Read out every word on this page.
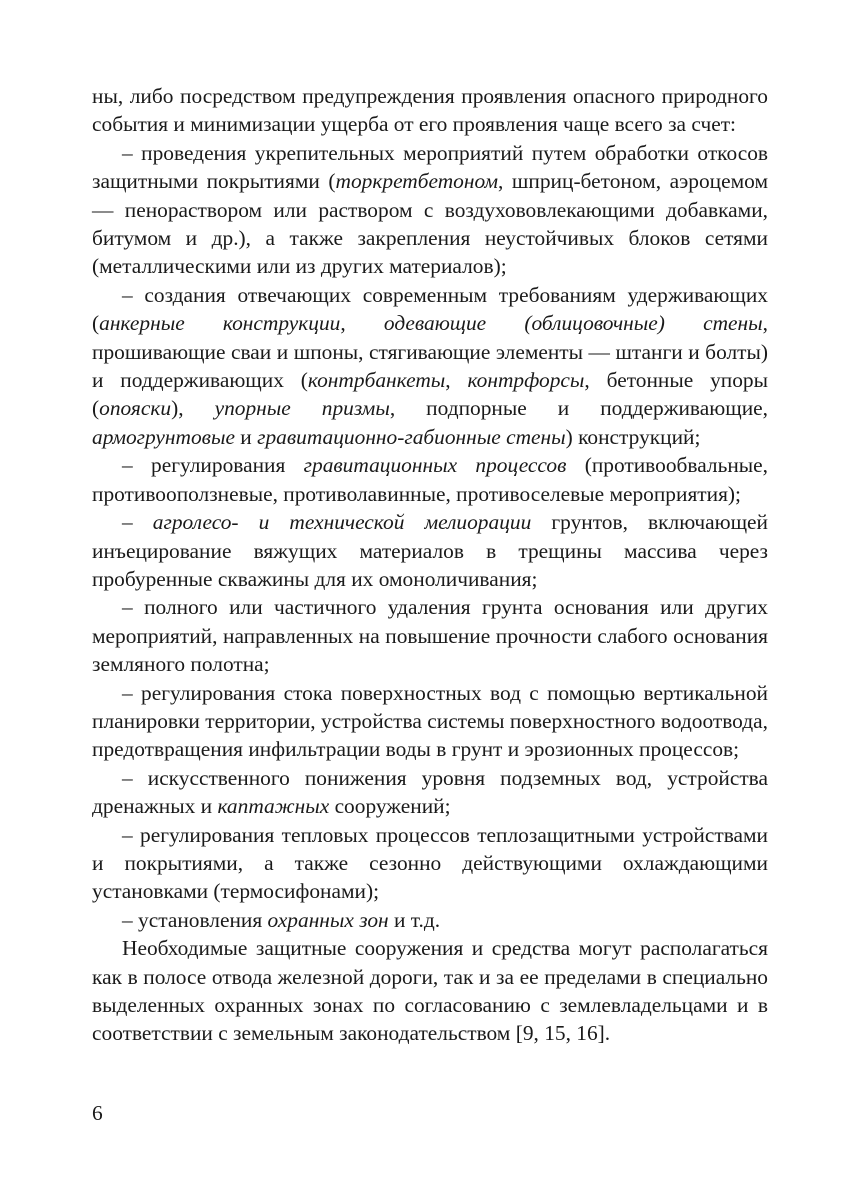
ны, либо посредством предупреждения проявления опасного природного события и минимизации ущерба от его проявления чаще всего за счет:

– проведения укрепительных мероприятий путем обработки откосов защитными покрытиями (торкретбетоном, шприц-бетоном, аэроцемом — пенораствором или раствором с воздухововлекающими добавками, битумом и др.), а также закрепления неустойчивых блоков сетями (металлическими или из других материалов);

– создания отвечающих современным требованиям удерживающих (анкерные конструкции, одевающие (облицовочные) стены, прошивающие сваи и шпоны, стягивающие элементы — штанги и болты) и поддерживающих (контрбанкеты, контрфорсы, бетонные упоры (опояски), упорные призмы, подпорные и поддерживающие, армогрунтовые и гравитационно-габионные стены) конструкций;

– регулирования гравитационных процессов (противообвальные, противооползневые, противолавинные, противоселевые мероприятия);

– агролесо- и технической мелиорации грунтов, включающей инъецирование вяжущих материалов в трещины массива через пробуренные скважины для их омоноличивания;

– полного или частичного удаления грунта основания или других мероприятий, направленных на повышение прочности слабого основания земляного полотна;

– регулирования стока поверхностных вод с помощью вертикальной планировки территории, устройства системы поверхностного водоотвода, предотвращения инфильтрации воды в грунт и эрозионных процессов;

– искусственного понижения уровня подземных вод, устройства дренажных и каптажных сооружений;

– регулирования тепловых процессов теплозащитными устройствами и покрытиями, а также сезонно действующими охлаждающими установками (термосифонами);

– установления охранных зон и т.д.

Необходимые защитные сооружения и средства могут располагаться как в полосе отвода железной дороги, так и за ее пределами в специально выделенных охранных зонах по согласованию с землевладельцами и в соответствии с земельным законодательством [9, 15, 16].

6
